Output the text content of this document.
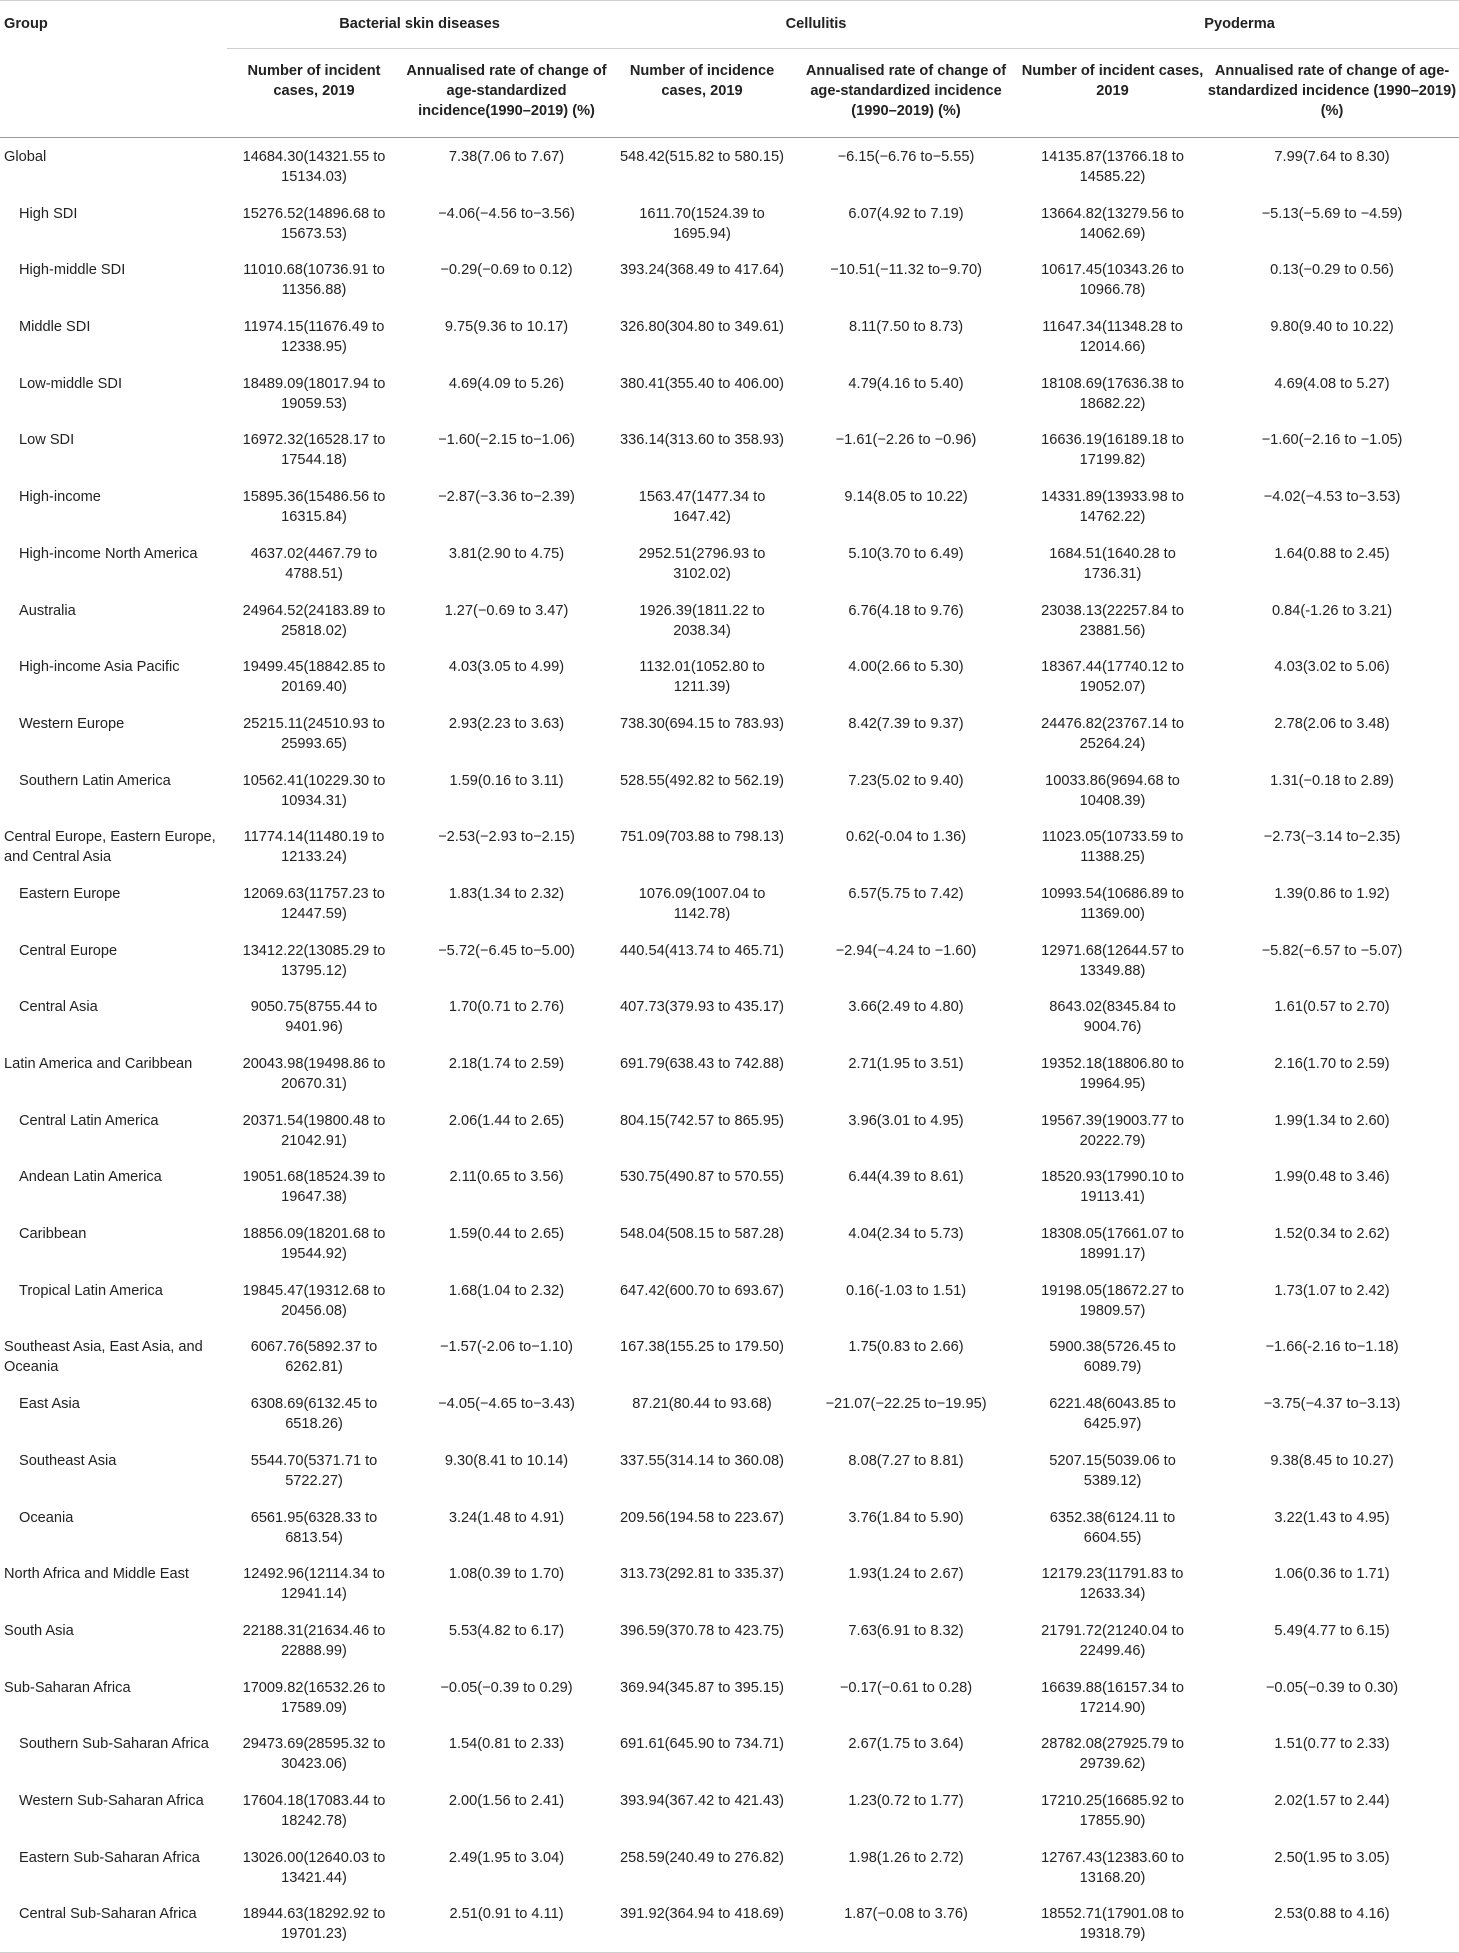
Group	Bacterial skin diseases		Cellulitis		Pyoderma	
	Number of incident cases, 2019	Annualised rate of change of age-standardized incidence(1990–2019) (%)	Number of incidence cases, 2019	Annualised rate of change of age-standardized incidence (1990–2019) (%)	Number of incident cases, 2019	Annualised rate of change of age-standardized incidence (1990–2019) (%)
Global	14684.30(14321.55 to 15134.03)	7.38(7.06 to 7.67)	548.42(515.82 to 580.15)	−6.15(−6.76 to−5.55)	14135.87(13766.18 to 14585.22)	7.99(7.64 to 8.30)
High SDI	15276.52(14896.68 to 15673.53)	−4.06(−4.56 to−3.56)	1611.70(1524.39 to 1695.94)	6.07(4.92 to 7.19)	13664.82(13279.56 to 14062.69)	−5.13(−5.69 to −4.59)
High-middle SDI	11010.68(10736.91 to 11356.88)	−0.29(−0.69 to 0.12)	393.24(368.49 to 417.64)	−10.51(−11.32 to−9.70)	10617.45(10343.26 to 10966.78)	0.13(−0.29 to 0.56)
Middle SDI	11974.15(11676.49 to 12338.95)	9.75(9.36 to 10.17)	326.80(304.80 to 349.61)	8.11(7.50 to 8.73)	11647.34(11348.28 to 12014.66)	9.80(9.40 to 10.22)
Low-middle SDI	18489.09(18017.94 to 19059.53)	4.69(4.09 to 5.26)	380.41(355.40 to 406.00)	4.79(4.16 to 5.40)	18108.69(17636.38 to 18682.22)	4.69(4.08 to 5.27)
Low SDI	16972.32(16528.17 to 17544.18)	−1.60(−2.15 to−1.06)	336.14(313.60 to 358.93)	−1.61(−2.26 to −0.96)	16636.19(16189.18 to 17199.82)	−1.60(−2.16 to −1.05)
High-income	15895.36(15486.56 to 16315.84)	−2.87(−3.36 to−2.39)	1563.47(1477.34 to 1647.42)	9.14(8.05 to 10.22)	14331.89(13933.98 to 14762.22)	−4.02(−4.53 to−3.53)
High-income North America	4637.02(4467.79 to 4788.51)	3.81(2.90 to 4.75)	2952.51(2796.93 to 3102.02)	5.10(3.70 to 6.49)	1684.51(1640.28 to 1736.31)	1.64(0.88 to 2.45)
Australia	24964.52(24183.89 to 25818.02)	1.27(−0.69 to 3.47)	1926.39(1811.22 to 2038.34)	6.76(4.18 to 9.76)	23038.13(22257.84 to 23881.56)	0.84(-1.26 to 3.21)
High-income Asia Pacific	19499.45(18842.85 to 20169.40)	4.03(3.05 to 4.99)	1132.01(1052.80 to 1211.39)	4.00(2.66 to 5.30)	18367.44(17740.12 to 19052.07)	4.03(3.02 to 5.06)
Western Europe	25215.11(24510.93 to 25993.65)	2.93(2.23 to 3.63)	738.30(694.15 to 783.93)	8.42(7.39 to 9.37)	24476.82(23767.14 to 25264.24)	2.78(2.06 to 3.48)
Southern Latin America	10562.41(10229.30 to 10934.31)	1.59(0.16 to 3.11)	528.55(492.82 to 562.19)	7.23(5.02 to 9.40)	10033.86(9694.68 to 10408.39)	1.31(−0.18 to 2.89)
Central Europe, Eastern Europe, and Central Asia	11774.14(11480.19 to 12133.24)	−2.53(−2.93 to−2.15)	751.09(703.88 to 798.13)	0.62(-0.04 to 1.36)	11023.05(10733.59 to 11388.25)	−2.73(−3.14 to−2.35)
Eastern Europe	12069.63(11757.23 to 12447.59)	1.83(1.34 to 2.32)	1076.09(1007.04 to 1142.78)	6.57(5.75 to 7.42)	10993.54(10686.89 to 11369.00)	1.39(0.86 to 1.92)
Central Europe	13412.22(13085.29 to 13795.12)	−5.72(−6.45 to−5.00)	440.54(413.74 to 465.71)	−2.94(−4.24 to −1.60)	12971.68(12644.57 to 13349.88)	−5.82(−6.57 to −5.07)
Central Asia	9050.75(8755.44 to 9401.96)	1.70(0.71 to 2.76)	407.73(379.93 to 435.17)	3.66(2.49 to 4.80)	8643.02(8345.84 to 9004.76)	1.61(0.57 to 2.70)
Latin America and Caribbean	20043.98(19498.86 to 20670.31)	2.18(1.74 to 2.59)	691.79(638.43 to 742.88)	2.71(1.95 to 3.51)	19352.18(18806.80 to 19964.95)	2.16(1.70 to 2.59)
Central Latin America	20371.54(19800.48 to 21042.91)	2.06(1.44 to 2.65)	804.15(742.57 to 865.95)	3.96(3.01 to 4.95)	19567.39(19003.77 to 20222.79)	1.99(1.34 to 2.60)
Andean Latin America	19051.68(18524.39 to 19647.38)	2.11(0.65 to 3.56)	530.75(490.87 to 570.55)	6.44(4.39 to 8.61)	18520.93(17990.10 to 19113.41)	1.99(0.48 to 3.46)
Caribbean	18856.09(18201.68 to 19544.92)	1.59(0.44 to 2.65)	548.04(508.15 to 587.28)	4.04(2.34 to 5.73)	18308.05(17661.07 to 18991.17)	1.52(0.34 to 2.62)
Tropical Latin America	19845.47(19312.68 to 20456.08)	1.68(1.04 to 2.32)	647.42(600.70 to 693.67)	0.16(-1.03 to 1.51)	19198.05(18672.27 to 19809.57)	1.73(1.07 to 2.42)
Southeast Asia, East Asia, and Oceania	6067.76(5892.37 to 6262.81)	−1.57(-2.06 to−1.10)	167.38(155.25 to 179.50)	1.75(0.83 to 2.66)	5900.38(5726.45 to 6089.79)	−1.66(-2.16 to−1.18)
East Asia	6308.69(6132.45 to 6518.26)	−4.05(−4.65 to−3.43)	87.21(80.44 to 93.68)	−21.07(−22.25 to−19.95)	6221.48(6043.85 to 6425.97)	−3.75(−4.37 to−3.13)
Southeast Asia	5544.70(5371.71 to 5722.27)	9.30(8.41 to 10.14)	337.55(314.14 to 360.08)	8.08(7.27 to 8.81)	5207.15(5039.06 to 5389.12)	9.38(8.45 to 10.27)
Oceania	6561.95(6328.33 to 6813.54)	3.24(1.48 to 4.91)	209.56(194.58 to 223.67)	3.76(1.84 to 5.90)	6352.38(6124.11 to 6604.55)	3.22(1.43 to 4.95)
North Africa and Middle East	12492.96(12114.34 to 12941.14)	1.08(0.39 to 1.70)	313.73(292.81 to 335.37)	1.93(1.24 to 2.67)	12179.23(11791.83 to 12633.34)	1.06(0.36 to 1.71)
South Asia	22188.31(21634.46 to 22888.99)	5.53(4.82 to 6.17)	396.59(370.78 to 423.75)	7.63(6.91 to 8.32)	21791.72(21240.04 to 22499.46)	5.49(4.77 to 6.15)
Sub-Saharan Africa	17009.82(16532.26 to 17589.09)	−0.05(−0.39 to 0.29)	369.94(345.87 to 395.15)	−0.17(−0.61 to 0.28)	16639.88(16157.34 to 17214.90)	−0.05(−0.39 to 0.30)
Southern Sub-Saharan Africa	29473.69(28595.32 to 30423.06)	1.54(0.81 to 2.33)	691.61(645.90 to 734.71)	2.67(1.75 to 3.64)	28782.08(27925.79 to 29739.62)	1.51(0.77 to 2.33)
Western Sub-Saharan Africa	17604.18(17083.44 to 18242.78)	2.00(1.56 to 2.41)	393.94(367.42 to 421.43)	1.23(0.72 to 1.77)	17210.25(16685.92 to 17855.90)	2.02(1.57 to 2.44)
Eastern Sub-Saharan Africa	13026.00(12640.03 to 13421.44)	2.49(1.95 to 3.04)	258.59(240.49 to 276.82)	1.98(1.26 to 2.72)	12767.43(12383.60 to 13168.20)	2.50(1.95 to 3.05)
Central Sub-Saharan Africa	18944.63(18292.92 to 19701.23)	2.51(0.91 to 4.11)	391.92(364.94 to 418.69)	1.87(−0.08 to 3.76)	18552.71(17901.08 to 19318.79)	2.53(0.88 to 4.16)
